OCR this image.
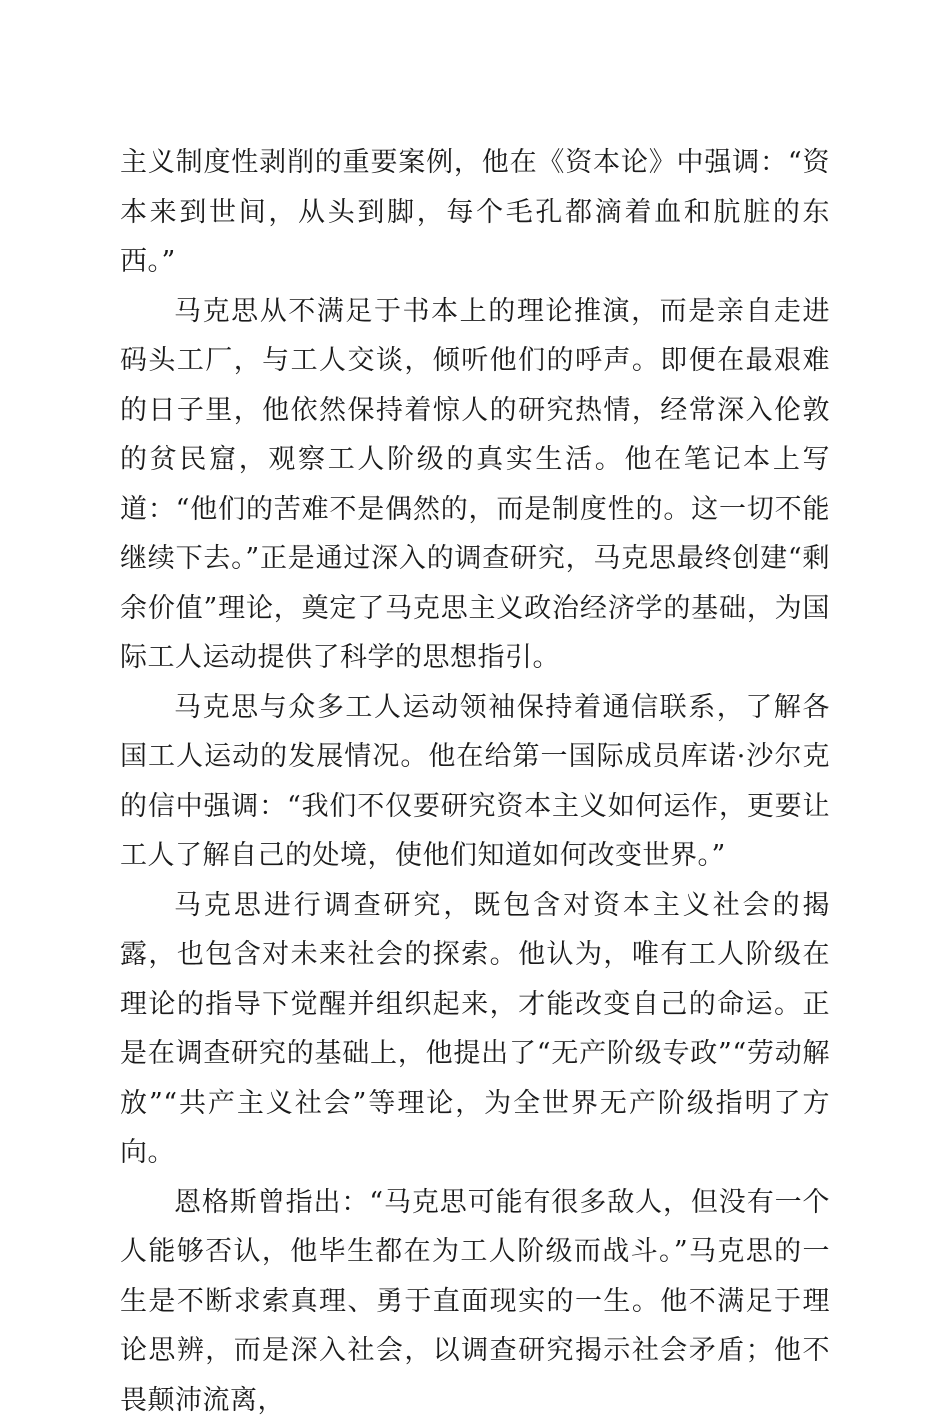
主义制度性剥削的重要案例，他在《资本论》中强调：“资本来到世间，从头到脚，每个毛孔都滴着血和肮脏的东西。”

马克思从不满足于书本上的理论推演，而是亲自走进码头工厂，与工人交谈，倾听他们的呼声。即便在最艰难的日子里，他依然保持着惊人的研究热情，经常深入伦敦的贫民窟，观察工人阶级的真实生活。他在笔记本上写道：“他们的苦难不是偶然的，而是制度性的。这一切不能继续下去。”正是通过深入的调查研究，马克思最终创建“剩余价值”理论，奠定了马克思主义政治经济学的基础，为国际工人运动提供了科学的思想指引。

马克思与众多工人运动领袖保持着通信联系，了解各国工人运动的发展情况。他在给第一国际成员库诺·沙尔克的信中强调：“我们不仅要研究资本主义如何运作，更要让工人了解自己的处境，使他们知道如何改变世界。”

马克思进行调查研究，既包含对资本主义社会的揭露，也包含对未来社会的探索。他认为，唯有工人阶级在理论的指导下觉醒并组织起来，才能改变自己的命运。正是在调查研究的基础上，他提出了“无产阶级专政”“劳动解放”“共产主义社会”等理论，为全世界无产阶级指明了方向。

恩格斯曾指出：“马克思可能有很多敌人，但没有一个人能够否认，他毕生都在为工人阶级而战斗。”马克思的一生是不断求索真理、勇于直面现实的一生。他不满足于理论思辨，而是深入社会，以调查研究揭示社会矛盾；他不畏颠沛流离，
